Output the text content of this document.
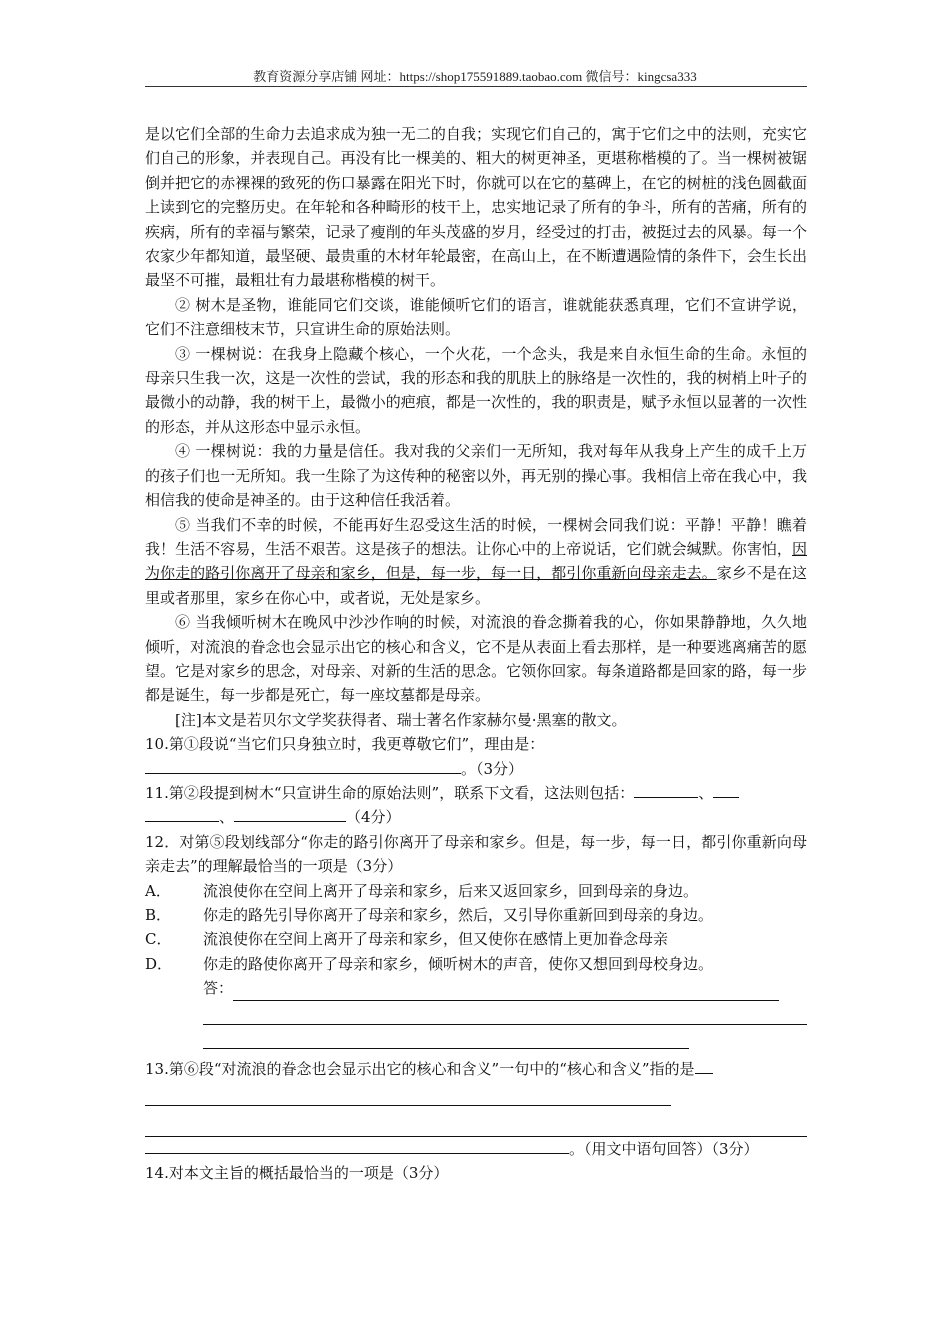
教育资源分享店铺 网址：https://shop175591889.taobao.com 微信号：kingcsa333

是以它们全部的生命力去追求成为独一无二的自我；实现它们自己的，寓于它们之中的法则，充实它们自己的形象，并表现自己。再没有比一棵美的、粗大的树更神圣，更堪称楷模的了。当一棵树被锯倒并把它的赤裸裸的致死的伤口暴露在阳光下时，你就可以在它的墓碑上，在它的树桩的浅色圆截面上读到它的完整历史。在年轮和各种畸形的枝干上，忠实地记录了所有的争斗，所有的苦痛，所有的疾病，所有的幸福与繁荣，记录了瘦削的年头茂盛的岁月，经受过的打击，被挺过去的风暴。每一个农家少年都知道，最坚硬、最贵重的木材年轮最密，在高山上，在不断遭遇险情的条件下，会生长出最坚不可摧，最粗壮有力最堪称楷模的树干。

② 树木是圣物，谁能同它们交谈，谁能倾听它们的语言，谁就能获悉真理，它们不宣讲学说，它们不注意细枝末节，只宣讲生命的原始法则。

③ 一棵树说：在我身上隐藏个核心，一个火花，一个念头，我是来自永恒生命的生命。永恒的母亲只生我一次，这是一次性的尝试，我的形态和我的肌肤上的脉络是一次性的，我的树梢上叶子的最微小的动静，我的树干上，最微小的疤痕，都是一次性的，我的职责是，赋予永恒以显著的一次性的形态，并从这形态中显示永恒。

④ 一棵树说：我的力量是信任。我对我的父亲们一无所知，我对每年从我身上产生的成千上万的孩子们也一无所知。我一生除了为这传种的秘密以外，再无别的操心事。我相信上帝在我心中，我相信我的使命是神圣的。由于这种信任我活着。

⑤ 当我们不幸的时候，不能再好生忍受这生活的时候，一棵树会同我们说：平静！平静！瞧着我！生活不容易，生活不艰苦。这是孩子的想法。让你心中的上帝说话，它们就会缄默。你害怕，因为你走的路引你离开了母亲和家乡，但是，每一步，每一日，都引你重新向母亲走去。家乡不是在这里或者那里，家乡在你心中，或者说，无处是家乡。

⑥ 当我倾听树木在晚风中沙沙作响的时候，对流浪的眷念撕着我的心，你如果静静地，久久地倾听，对流浪的眷念也会显示出它的核心和含义，它不是从表面上看去那样，是一种要逃离痛苦的愿望。它是对家乡的思念，对母亲、对新的生活的思念。它领你回家。每条道路都是回家的路，每一步都是诞生，每一步都是死亡，每一座坟墓都是母亲。

[注]本文是若贝尔文学奖获得者、瑞士著名作家赫尔曼·黑塞的散文。

10.第①段说“当它们只身独立时，我更尊敬它们”，理由是：

。（3分）

11.第②段提到树木“只宣讲生命的原始法则”，联系下文看，这法则包括：	、
、	（4分）

12．对第⑤段划线部分“你走的路引你离开了母亲和家乡。但是，每一步，每一日，都引你重新向母亲走去”的理解最恰当的一项是（3分）

A．	流浪使你在空间上离开了母亲和家乡，后来又返回家乡，回到母亲的身边。
B．	你走的路先引导你离开了母亲和家乡，然后，又引导你重新回到母亲的身边。
C．	流浪使你在空间上离开了母亲和家乡，但又使你在感情上更加眷念母亲
D．	你走的路使你离开了母亲和家乡，倾听树木的声音，使你又想回到母校身边。
答：

13.第⑥段“对流浪的眷念也会显示出它的核心和含义”一句中的“核心和含义”指的是

。（用文中语句回答）（3分）

14.对本文主旨的概括最恰当的一项是（3分）
